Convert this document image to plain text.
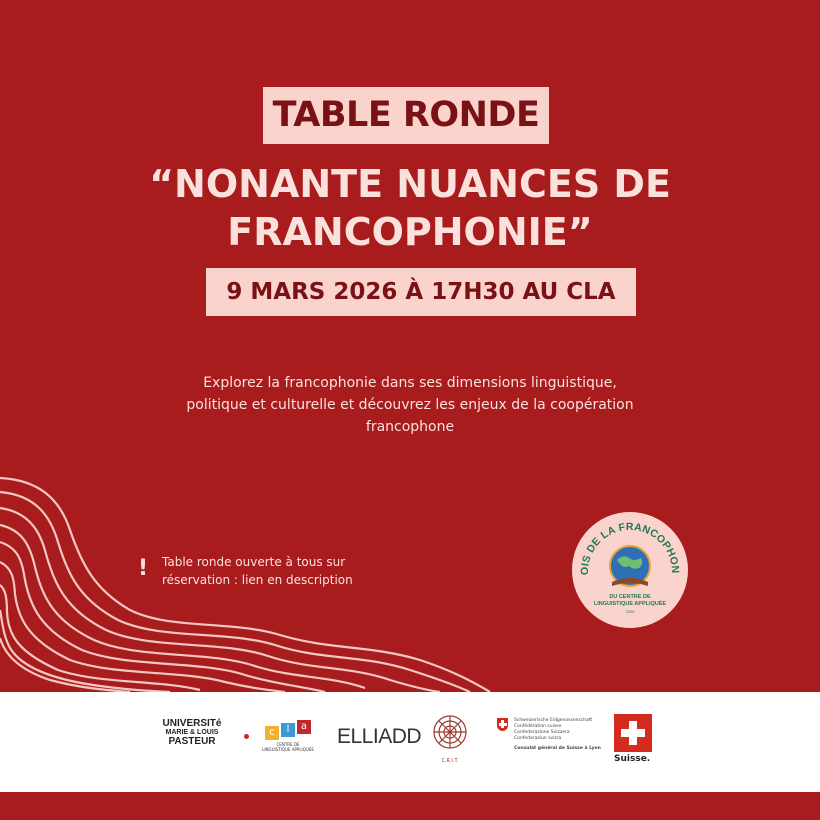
TABLE RONDE
“NONANTE NUANCES DE
FRANCOPHONIE”
9 MARS 2026 À 17H30 AU CLA
Explorez la francophonie dans ses dimensions linguistique,
politique et culturelle et découvrez les enjeux de la coopération
francophone
! Table ronde ouverte à tous sur
réservation : lien en description
OIS DE LA FRANCOPHON
DU CENTRE DE
LINGUISTIQUE APPLIQUÉE
2026
UNIVERSITé
MARIE & LOUIS
PASTEUR
c	l	a
CENTRE DE
LINGUISTIQUE APPLIQUÉE
ELLIADD
C.R.I.T.
Schweizerische Eidgenossenschaft
Confédération suisse
Confederazione Svizzera
Confederaziun svizra
Consulat général de Suisse à Lyon
Suisse.
